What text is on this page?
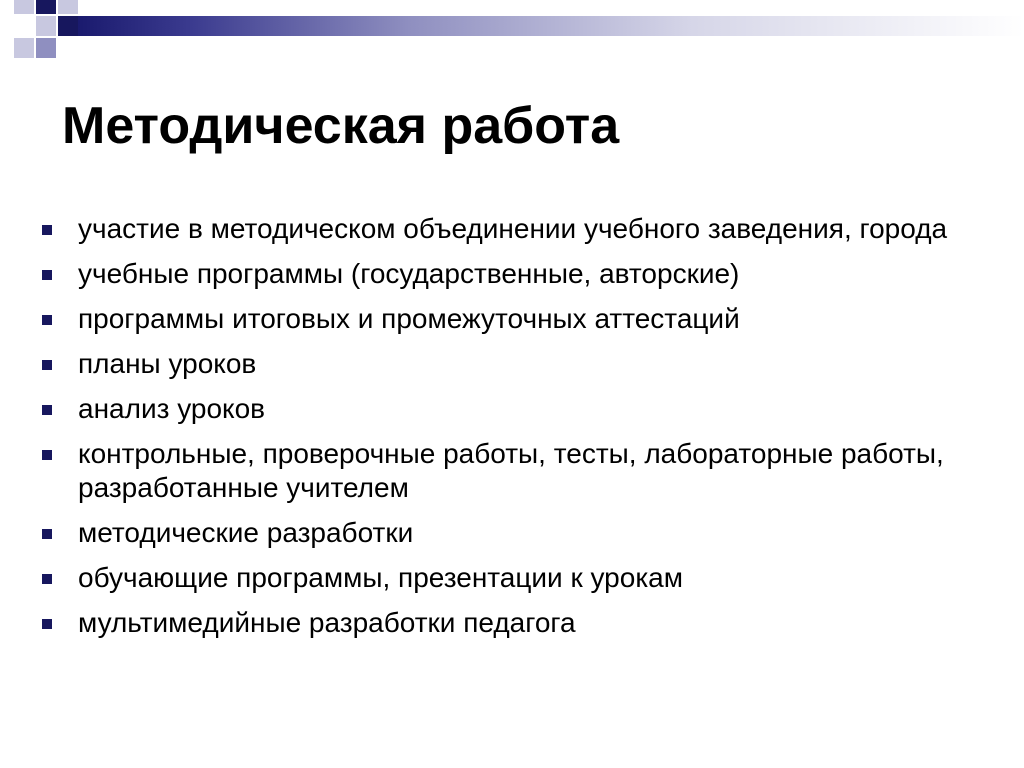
Методическая работа
участие в методическом объединении учебного заведения, города
учебные программы (государственные, авторские)
программы итоговых и промежуточных аттестаций
планы уроков
анализ уроков
контрольные, проверочные работы, тесты, лабораторные работы, разработанные учителем
методические разработки
обучающие программы, презентации к урокам
мультимедийные разработки педагога
